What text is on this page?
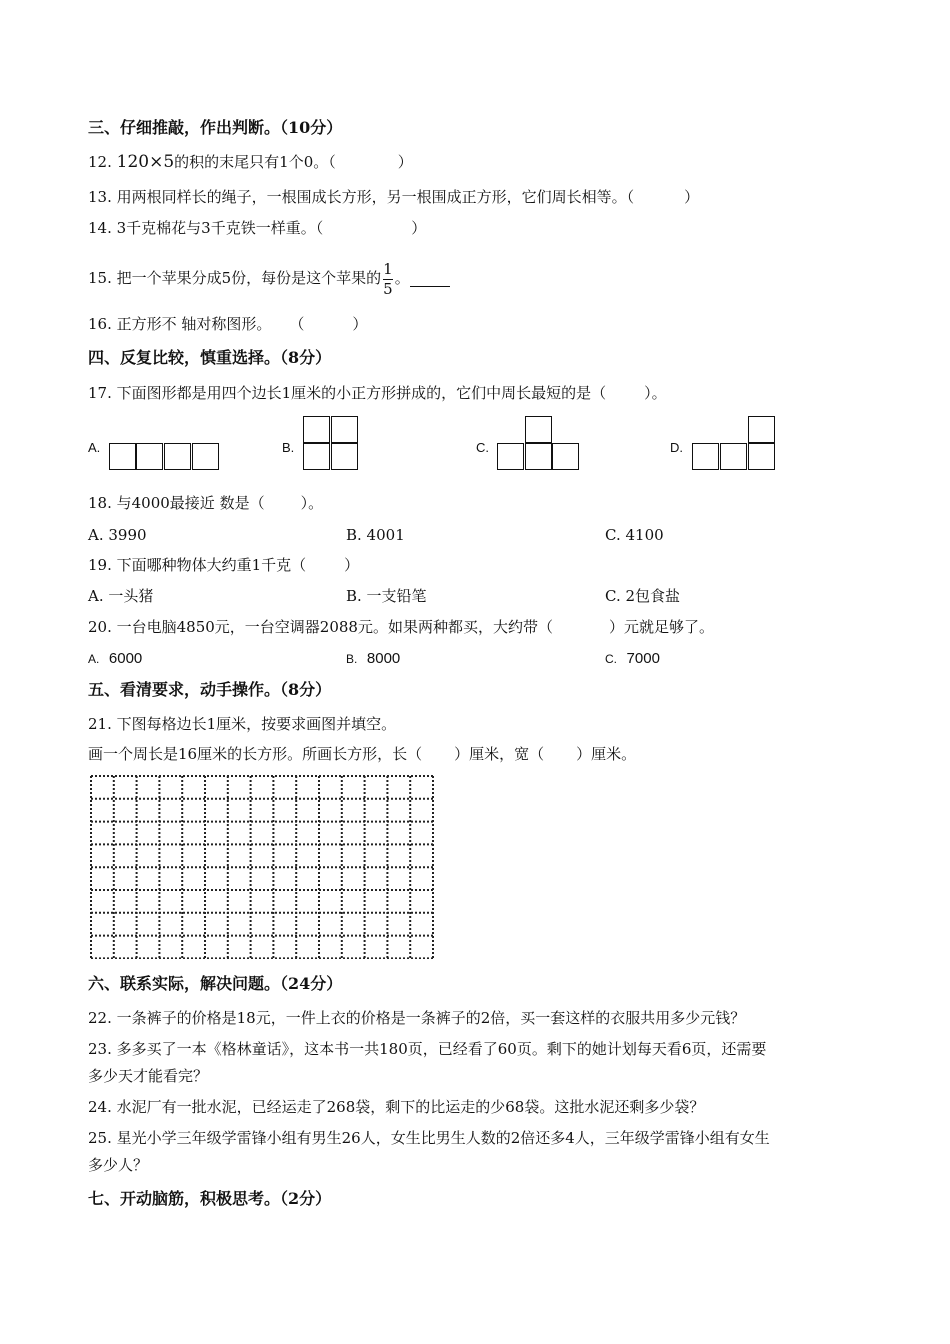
三、仔细推敲，作出判断。（10分）
12. 120×5的积的末尾只有1个0。（	）
13. 用两根同样长的绳子，一根围成长方形，另一根围成正方形，它们周长相等。（	）
14. 3千克棉花与3千克铁一样重。（	）
15. 把一个苹果分成5份，每份是这个苹果的 $\frac{1}{5}$ 。
16. 正方形不 轴对称图形。 （	）
四、反复比较，慎重选择。（8分）
17. 下面图形都是用四个边长1厘米的小正方形拼成的，它们中周长最短的是（	）。
A.	B.	C.	D.
18. 与4000最接近 数是（ ）。
A. 3990	B. 4001	C. 4100
19. 下面哪种物体大约重1千克（	）
A. 一头猪	B. 一支铅笔	C. 2包食盐
20. 一台电脑4850元，一台空调器2088元。如果两种都买，大约带（	）元就足够了。
A. 6000	B. 8000	C. 7000
五、看清要求，动手操作。（8分）
21. 下图每格边长1厘米，按要求画图并填空。
画一个周长是16厘米的长方形。所画长方形，长（ ）厘米，宽（ ）厘米。
六、联系实际，解决问题。（24分）
22. 一条裤子的价格是18元，一件上衣的价格是一条裤子的2倍，买一套这样的衣服共用多少元钱？
23. 多多买了一本《格林童话》，这本书一共180页，已经看了60页。剩下的她计划每天看6页，还需要
多少天才能看完？
24. 水泥厂有一批水泥，已经运走了268袋，剩下的比运走的少68袋。这批水泥还剩多少袋？
25. 星光小学三年级学雷锋小组有男生26人，女生比男生人数的2倍还多4人，三年级学雷锋小组有女生
多少人？
七、开动脑筋，积极思考。（2分）
